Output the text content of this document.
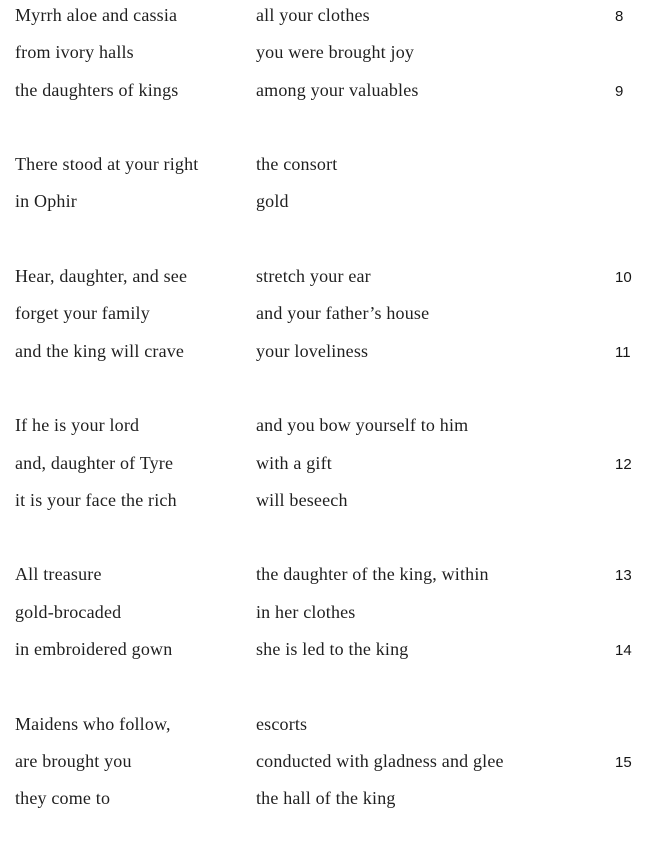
Myrrh aloe and cassia	all your clothes	8
from ivory halls	you were brought joy
the daughters of kings	among your valuables	9
There stood at your right	the consort
in Ophir	gold
Hear, daughter, and see	stretch your ear	10
forget your family	and your father’s house
and the king will crave	your loveliness	11
If he is your lord	and you bow yourself to him
and, daughter of Tyre	with a gift	12
it is your face the rich	will beseech
All treasure	the daughter of the king, within	13
gold-brocaded	in her clothes
in embroidered gown	she is led to the king	14
Maidens who follow,	escorts
are brought you	conducted with gladness and glee	15
they come to	the hall of the king
